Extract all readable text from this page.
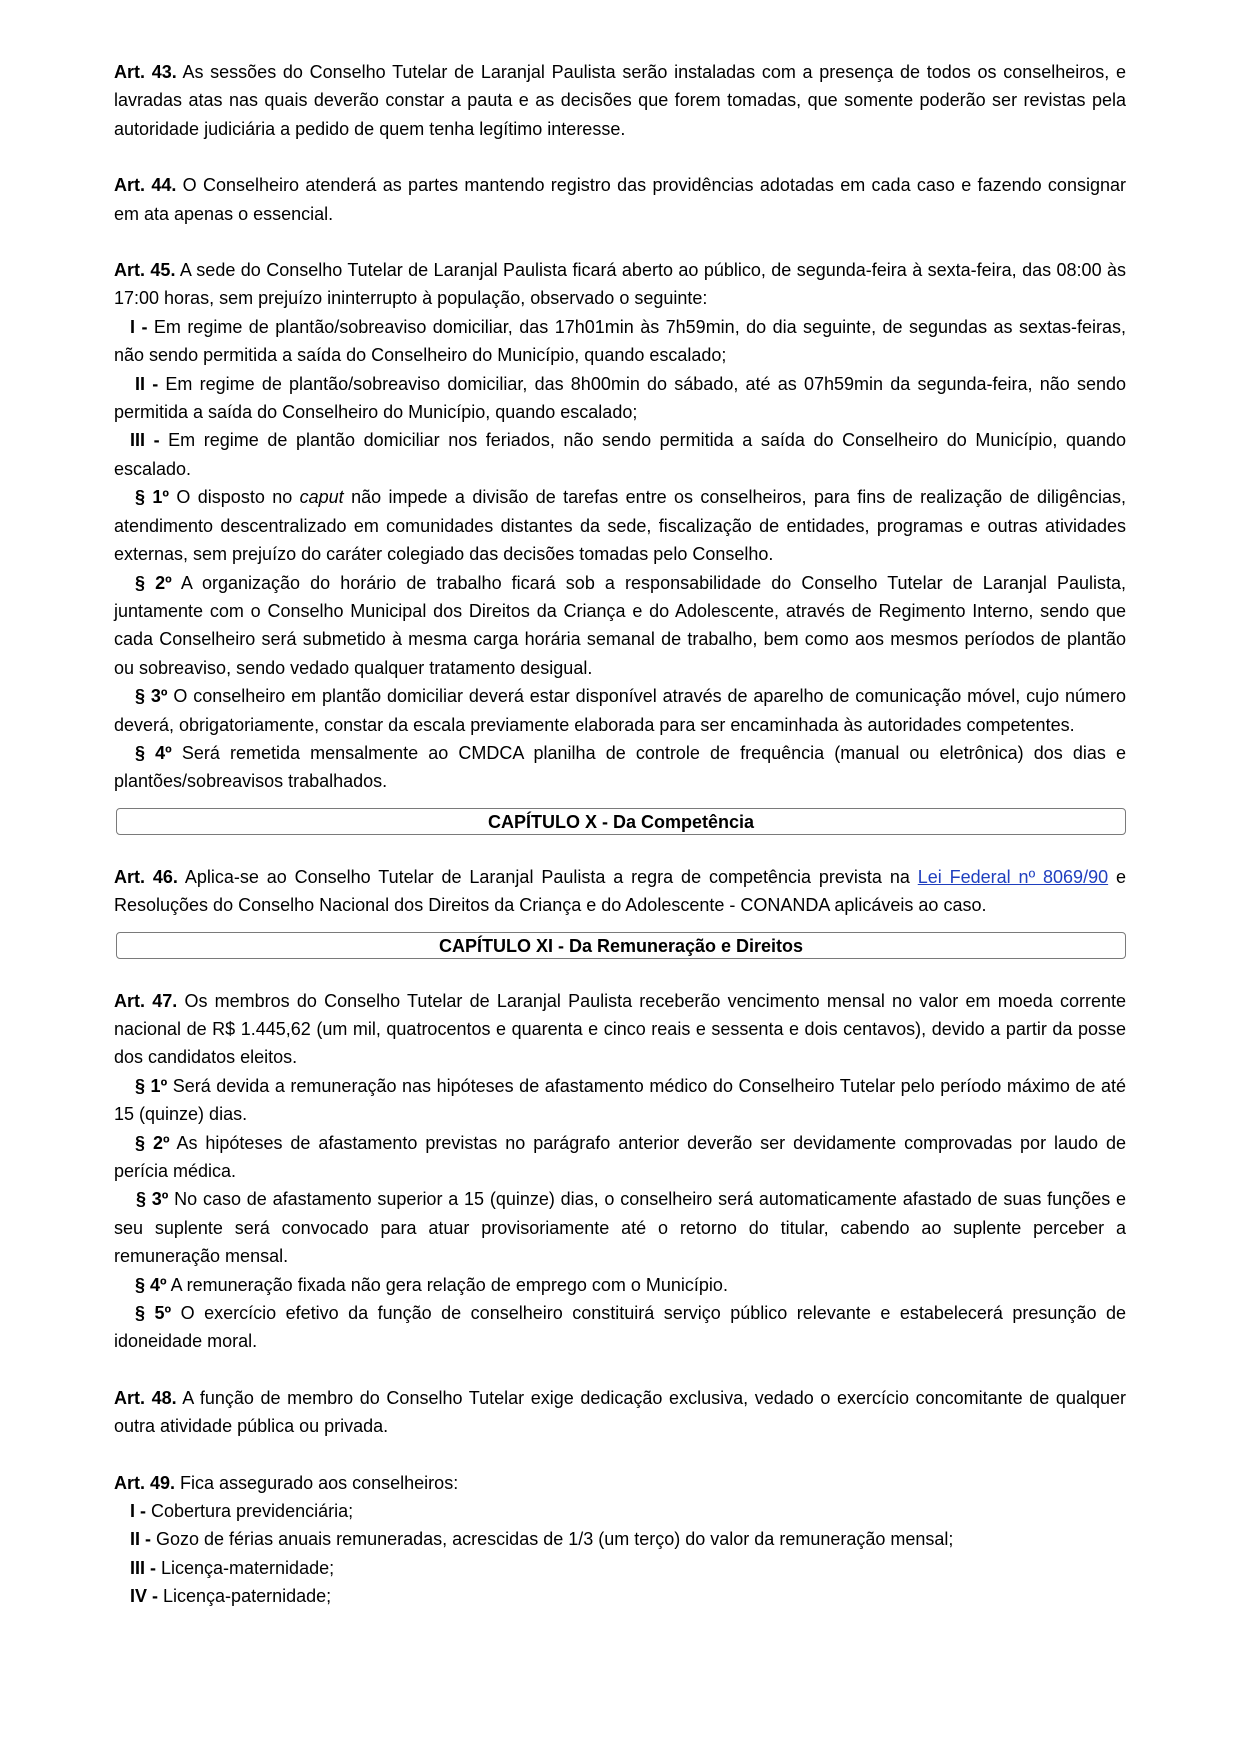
Art. 43. As sessões do Conselho Tutelar de Laranjal Paulista serão instaladas com a presença de todos os conselheiros, e lavradas atas nas quais deverão constar a pauta e as decisões que forem tomadas, que somente poderão ser revistas pela autoridade judiciária a pedido de quem tenha legítimo interesse.

Art. 44. O Conselheiro atenderá as partes mantendo registro das providências adotadas em cada caso e fazendo consignar em ata apenas o essencial.

Art. 45. A sede do Conselho Tutelar de Laranjal Paulista ficará aberto ao público, de segunda-feira à sexta-feira, das 08:00 às 17:00 horas, sem prejuízo ininterrupto à população, observado o seguinte:

I - Em regime de plantão/sobreaviso domiciliar, das 17h01min às 7h59min, do dia seguinte, de segundas as sextas-feiras, não sendo permitida a saída do Conselheiro do Município, quando escalado;

II - Em regime de plantão/sobreaviso domiciliar, das 8h00min do sábado, até as 07h59min da segunda-feira, não sendo permitida a saída do Conselheiro do Município, quando escalado;

III - Em regime de plantão domiciliar nos feriados, não sendo permitida a saída do Conselheiro do Município, quando escalado.

§ 1º O disposto no caput não impede a divisão de tarefas entre os conselheiros, para fins de realização de diligências, atendimento descentralizado em comunidades distantes da sede, fiscalização de entidades, programas e outras atividades externas, sem prejuízo do caráter colegiado das decisões tomadas pelo Conselho.

§ 2º A organização do horário de trabalho ficará sob a responsabilidade do Conselho Tutelar de Laranjal Paulista, juntamente com o Conselho Municipal dos Direitos da Criança e do Adolescente, através de Regimento Interno, sendo que cada Conselheiro será submetido à mesma carga horária semanal de trabalho, bem como aos mesmos períodos de plantão ou sobreaviso, sendo vedado qualquer tratamento desigual.

§ 3º O conselheiro em plantão domiciliar deverá estar disponível através de aparelho de comunicação móvel, cujo número deverá, obrigatoriamente, constar da escala previamente elaborada para ser encaminhada às autoridades competentes.

§ 4º Será remetida mensalmente ao CMDCA planilha de controle de frequência (manual ou eletrônica) dos dias e plantões/sobreavisos trabalhados.

CAPÍTULO X - Da Competência

Art. 46. Aplica-se ao Conselho Tutelar de Laranjal Paulista a regra de competência prevista na Lei Federal nº 8069/90 e Resoluções do Conselho Nacional dos Direitos da Criança e do Adolescente - CONANDA aplicáveis ao caso.

CAPÍTULO XI - Da Remuneração e Direitos

Art. 47. Os membros do Conselho Tutelar de Laranjal Paulista receberão vencimento mensal no valor em moeda corrente nacional de R$ 1.445,62 (um mil, quatrocentos e quarenta e cinco reais e sessenta e dois centavos), devido a partir da posse dos candidatos eleitos.

§ 1º Será devida a remuneração nas hipóteses de afastamento médico do Conselheiro Tutelar pelo período máximo de até 15 (quinze) dias.

§ 2º As hipóteses de afastamento previstas no parágrafo anterior deverão ser devidamente comprovadas por laudo de perícia médica.

§ 3º No caso de afastamento superior a 15 (quinze) dias, o conselheiro será automaticamente afastado de suas funções e seu suplente será convocado para atuar provisoriamente até o retorno do titular, cabendo ao suplente perceber a remuneração mensal.

§ 4º A remuneração fixada não gera relação de emprego com o Município.

§ 5º O exercício efetivo da função de conselheiro constituirá serviço público relevante e estabelecerá presunção de idoneidade moral.

Art. 48. A função de membro do Conselho Tutelar exige dedicação exclusiva, vedado o exercício concomitante de qualquer outra atividade pública ou privada.

Art. 49. Fica assegurado aos conselheiros:

I - Cobertura previdenciária;

II - Gozo de férias anuais remuneradas, acrescidas de 1/3 (um terço) do valor da remuneração mensal;

III - Licença-maternidade;

IV - Licença-paternidade;
